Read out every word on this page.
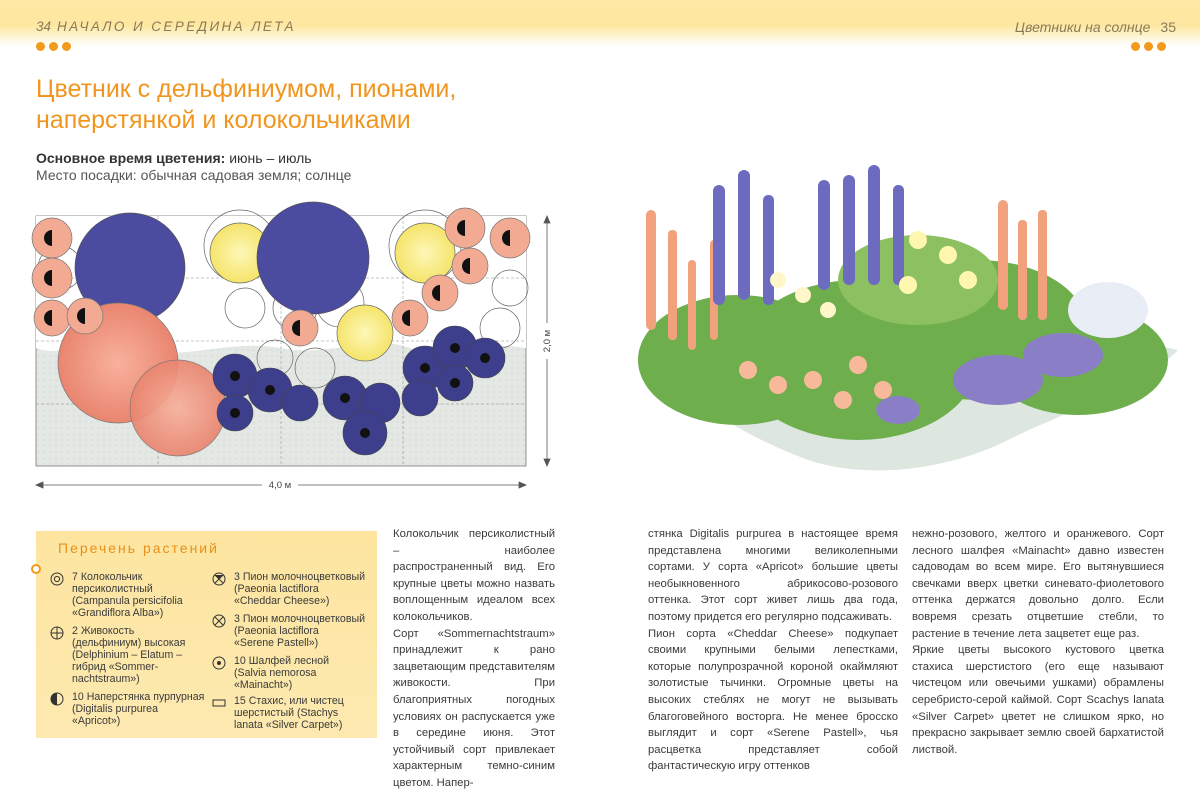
34 НАЧАЛО И СЕРЕДИНА ЛЕТА	Цветники на солнце 35
Цветник с дельфиниумом, пионами,
наперстянкой и колокольчиками
Основное время цветения: июнь – июль
Место посадки: обычная садовая земля; солнце
4,0 м
2,0 м
Перечень растений
7 Колокольчик
персиколистный
(Campanula persicifolia
«Grandiflora Alba»)
2 Живокость
(дельфиниум) высокая
(Delphinium – Elatum –
гибрид «Sommer-
nachtstraum»)
10 Наперстянка пурпурная
(Digitalis purpurea
«Apricot»)
3 Пион молочноцветковый
(Paeonia lactiflora
«Cheddar Cheese»)
3 Пион молочноцветковый
(Paeonia lactiflora
«Serene Pastell»)
10 Шалфей лесной
(Salvia nemorosa
«Mainacht»)
15 Стахис, или чистец
шерстистый (Stachys
lanata «Silver Carpet»)

Колокольчик персиколистный – наиболее распространенный вид. Его крупные цветы можно назвать воплощенным идеалом всех колокольчиков.

Сорт «Sommernachtstraum» принадлежит к рано зацветающим представителям живокости. При благоприятных погодных условиях он распускается уже в середине июня. Этот устойчивый сорт привлекает характерным темно-синим цветом. Напер-

стянка Digitalis purpurea в настоящее время представлена многими великолепными сортами. У сорта «Apricot» большие цветы необыкновенного абрикосово-розового оттенка. Этот сорт живет лишь два года, поэтому придется его регулярно подсаживать.

Пион сорта «Cheddar Cheese» подкупает своими крупными белыми лепестками, которые полупрозрачной короной окаймляют золотистые тычинки. Огромные цветы на высоких стеблях не могут не вызывать благоговейного восторга. Не менее бросско выглядит и сорт «Serene Pastell», чья расцветка представляет собой фантастическую игру оттенков

нежно-розового, желтого и оранжевого. Сорт лесного шалфея «Mainacht» давно известен садоводам во всем мире. Его вытянувшиеся свечками вверх цветки синевато-фиолетового оттенка держатся довольно долго. Если вовремя срезать отцветшие стебли, то растение в течение лета зацветет еще раз.

Яркие цветы высокого кустового цветка стахиса шерстистого (его еще называют чистецом или овечьими ушками) обрамлены серебристо-серой каймой. Сорт Scachys lanata «Silver Carpet» цветет не слишком ярко, но прекрасно закрывает землю своей бархатистой листвой.
